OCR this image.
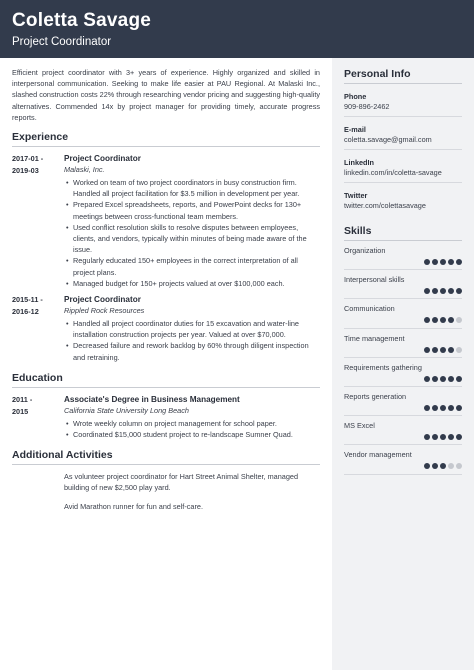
Coletta Savage
Project Coordinator

Efficient project coordinator with 3+ years of experience. Highly organized and skilled in interpersonal communication. Seeking to make life easier at PAU Regional. At Malaski Inc., slashed construction costs 22% through researching vendor pricing and suggesting high-quality alternatives. Commended 14x by project manager for providing timely, accurate progress reports.

Experience
2017-01 -
2019-03
Project Coordinator
Malaski, Inc.
• Worked on team of two project coordinators in busy construction firm. Handled all project facilitation for $3.5 million in development per year.
• Prepared Excel spreadsheets, reports, and PowerPoint decks for 130+ meetings between cross-functional team members.
• Used conflict resolution skills to resolve disputes between employees, clients, and vendors, typically within minutes of being made aware of the issue.
• Regularly educated 150+ employees in the correct interpretation of all project plans.
• Managed budget for 150+ projects valued at over $100,000 each.
2015-11 -
2016-12
Project Coordinator
Rippled Rock Resources
• Handled all project coordinator duties for 15 excavation and water-line installation construction projects per year. Valued at over $70,000.
• Decreased failure and rework backlog by 60% through diligent inspection and retraining.
Education
2011 -
2015
Associate's Degree in Business Management
California State University Long Beach
• Wrote weekly column on project management for school paper.
• Coordinated $15,000 student project to re-landscape Sumner Quad.
Additional Activities

As volunteer project coordinator for Hart Street Animal Shelter, managed building of new $2,500 play yard.

Avid Marathon runner for fun and self-care.

Personal Info
Phone
909-896-2462
E-mail
coletta.savage@gmail.com
LinkedIn
linkedin.com/in/coletta-savage
Twitter
twitter.com/colettasavage
Skills
Organization
Interpersonal skills
Communication
Time management
Requirements gathering
Reports generation
MS Excel
Vendor management
